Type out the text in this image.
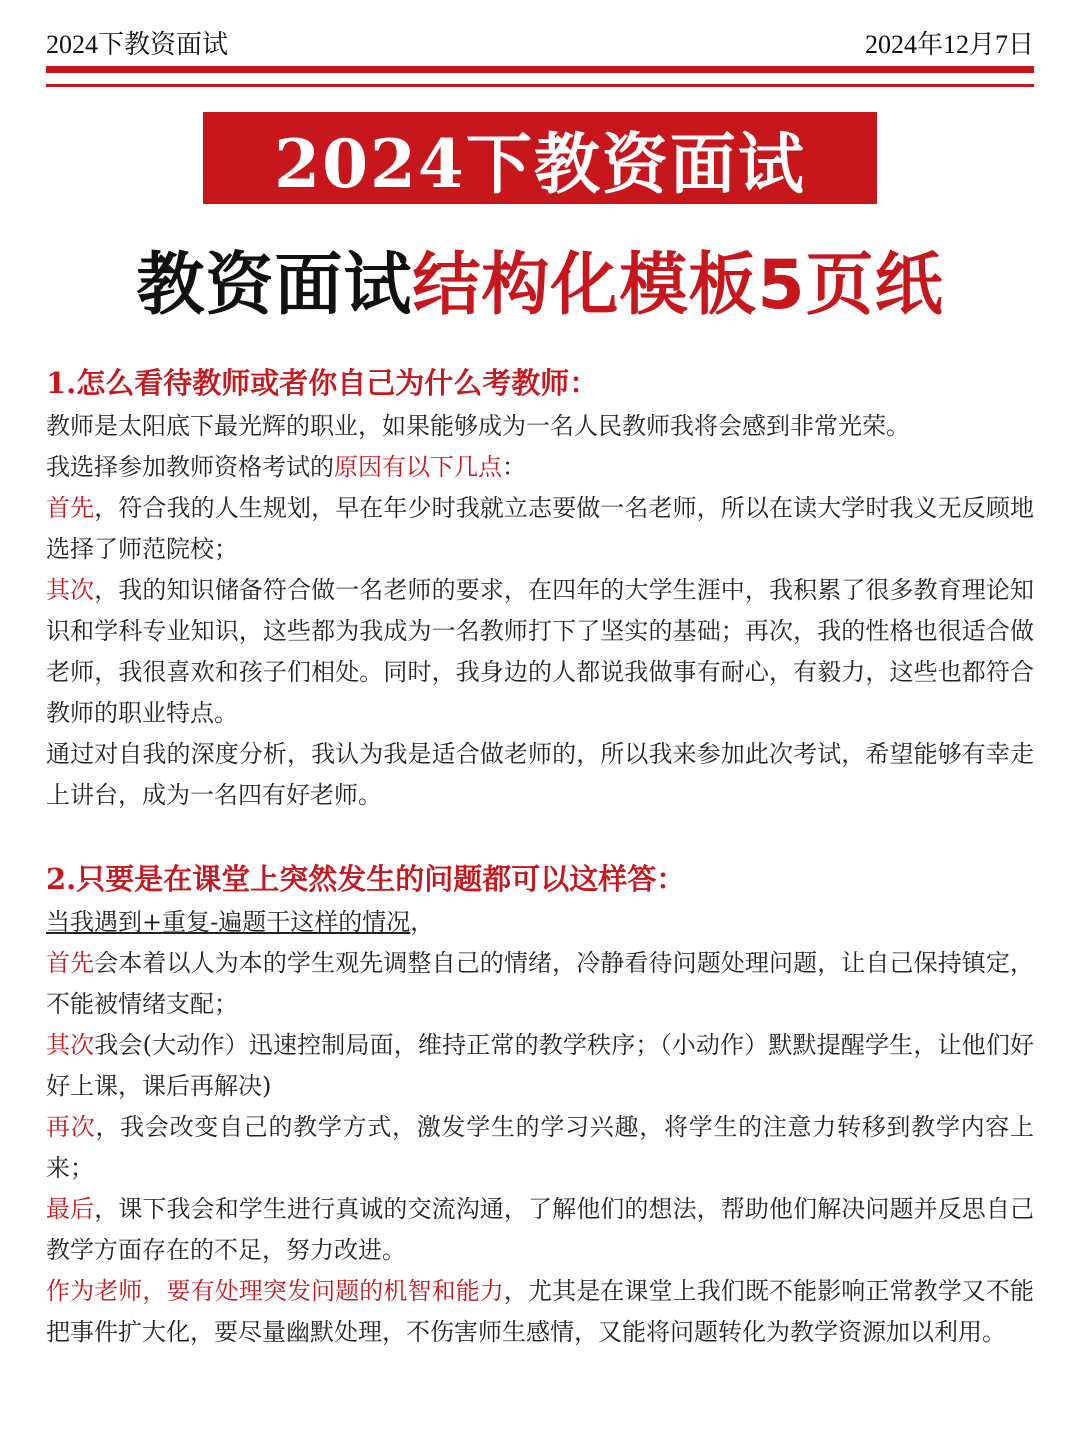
2024下教资面试	2024年12月7日
2024下教资面试
教资面试结构化模板5页纸

1.怎么看待教师或者你自己为什么考教师：

教师是太阳底下最光辉的职业，如果能够成为一名人民教师我将会感到非常光荣。

我选择参加教师资格考试的原因有以下几点：

首先，符合我的人生规划，早在年少时我就立志要做一名老师，所以在读大学时我义无反顾地选择了师范院校；

其次，我的知识储备符合做一名老师的要求，在四年的大学生涯中，我积累了很多教育理论知识和学科专业知识，这些都为我成为一名教师打下了坚实的基础；再次，我的性格也很适合做老师，我很喜欢和孩子们相处。同时，我身边的人都说我做事有耐心，有毅力，这些也都符合教师的职业特点。

通过对自我的深度分析，我认为我是适合做老师的，所以我来参加此次考试，希望能够有幸走上讲台，成为一名四有好老师。

2.只要是在课堂上突然发生的问题都可以这样答：

当我遇到+重复-遍题干这样的情况，

首先会本着以人为本的学生观先调整自己的情绪，冷静看待问题处理问题，让自己保持镇定，不能被情绪支配；

其次我会(大动作）迅速控制局面，维持正常的教学秩序；（小动作）默默提醒学生，让他们好好上课，课后再解决)

再次，我会改变自己的教学方式，激发学生的学习兴趣，将学生的注意力转移到教学内容上来；

最后，课下我会和学生进行真诚的交流沟通，了解他们的想法，帮助他们解决问题并反思自己教学方面存在的不足，努力改进。

作为老师，要有处理突发问题的机智和能力，尤其是在课堂上我们既不能影响正常教学又不能把事件扩大化，要尽量幽默处理，不伤害师生感情，又能将问题转化为教学资源加以利用。
